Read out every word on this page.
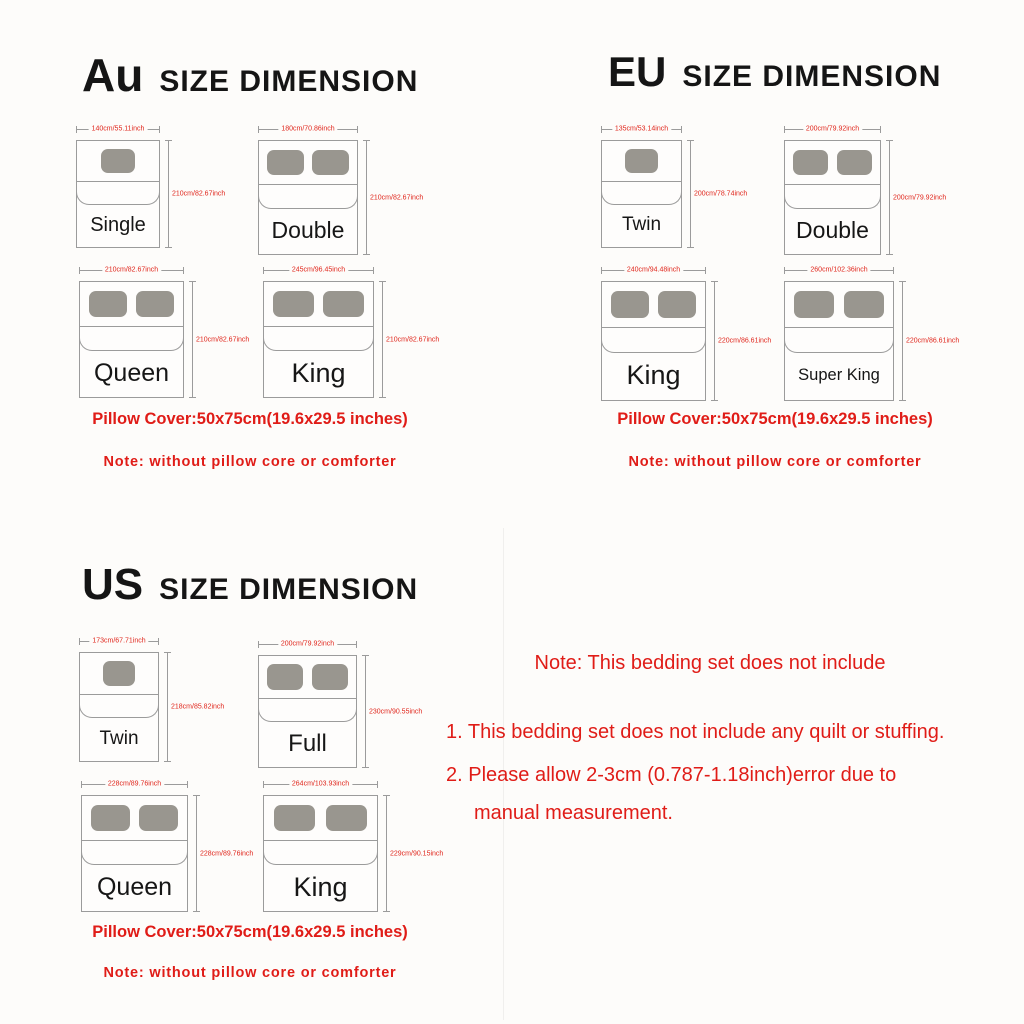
Au SIZE DIMENSION
140cm/55.11inch
210cm/82.67inch
Single
180cm/70.86inch
210cm/82.67inch
Double
210cm/82.67inch
210cm/82.67inch
Queen
245cm/96.45inch
210cm/82.67inch
King
Pillow Cover:50x75cm(19.6x29.5 inches)
Note: without pillow core or comforter
EU SIZE DIMENSION
135cm/53.14inch
200cm/78.74inch
Twin
200cm/79.92inch
200cm/79.92inch
Double
240cm/94.48inch
220cm/86.61inch
King
260cm/102.36inch
220cm/86.61inch
Super King
Pillow Cover:50x75cm(19.6x29.5 inches)
Note: without pillow core or comforter
US SIZE DIMENSION
173cm/67.71inch
218cm/85.82inch
Twin
200cm/79.92inch
230cm/90.55inch
Full
228cm/89.76inch
228cm/89.76inch
Queen
264cm/103.93inch
229cm/90.15inch
King
Pillow Cover:50x75cm(19.6x29.5 inches)
Note: without pillow core or comforter
Note: This bedding set does not include
1. This bedding set does not include any quilt or stuffing.
2. Please allow 2-3cm (0.787-1.18inch)error due to
manual measurement.
